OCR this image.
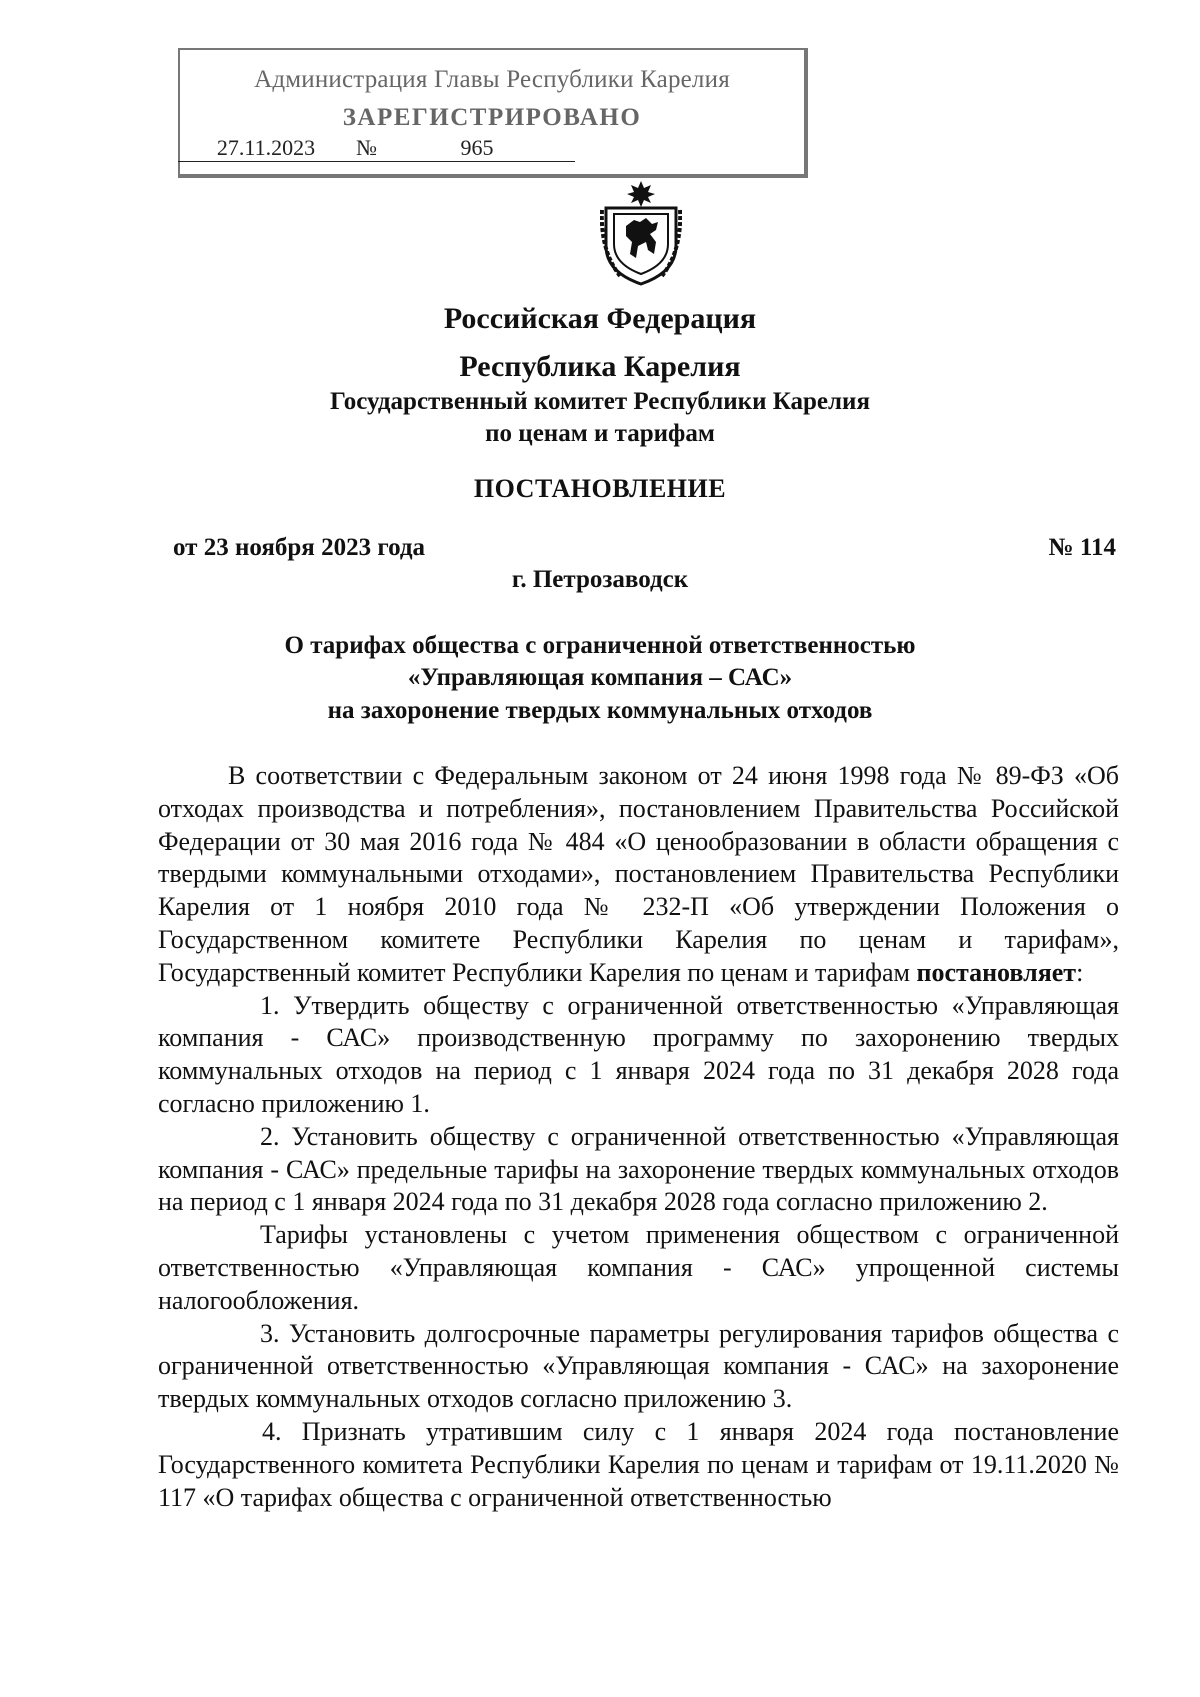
Администрация Главы Республики Карелия
ЗАРЕГИСТРИРОВАНО
27.11.2023 №	965
Российская Федерация
Республика Карелия
Государственный комитет Республики Карелия
по ценам и тарифам
ПОСТАНОВЛЕНИЕ
от 23 ноября 2023 года	№ 114
г. Петрозаводск
О тарифах общества с ограниченной ответственностью
«Управляющая компания – САС»
на захоронение твердых коммунальных отходов

В соответствии с Федеральным законом от 24 июня 1998 года № 89-ФЗ «Об отходах производства и потребления», постановлением Правительства Российской Федерации от 30 мая 2016 года № 484 «О ценообразовании в области обращения с твердыми коммунальными отходами», постановлением Правительства Республики Карелия от 1 ноября 2010 года № 232-П «Об утверждении Положения о Государственном комитете Республики Карелия по ценам и тарифам», Государственный комитет Республики Карелия по ценам и тарифам постановляет:

1. Утвердить обществу с ограниченной ответственностью «Управляющая компания - САС» производственную программу по захоронению твердых коммунальных отходов на период с 1 января 2024 года по 31 декабря 2028 года согласно приложению 1.

2. Установить обществу с ограниченной ответственностью «Управляющая компания - САС» предельные тарифы на захоронение твердых коммунальных отходов на период с 1 января 2024 года по 31 декабря 2028 года согласно приложению 2.

Тарифы установлены с учетом применения обществом с ограниченной ответственностью «Управляющая компания - САС» упрощенной системы налогообложения.

3. Установить долгосрочные параметры регулирования тарифов общества с ограниченной ответственностью «Управляющая компания - САС» на захоронение твердых коммунальных отходов согласно приложению 3.

4. Признать утратившим силу с 1 января 2024 года постановление Государственного комитета Республики Карелия по ценам и тарифам от 19.11.2020 № 117 «О тарифах общества с ограниченной ответственностью
